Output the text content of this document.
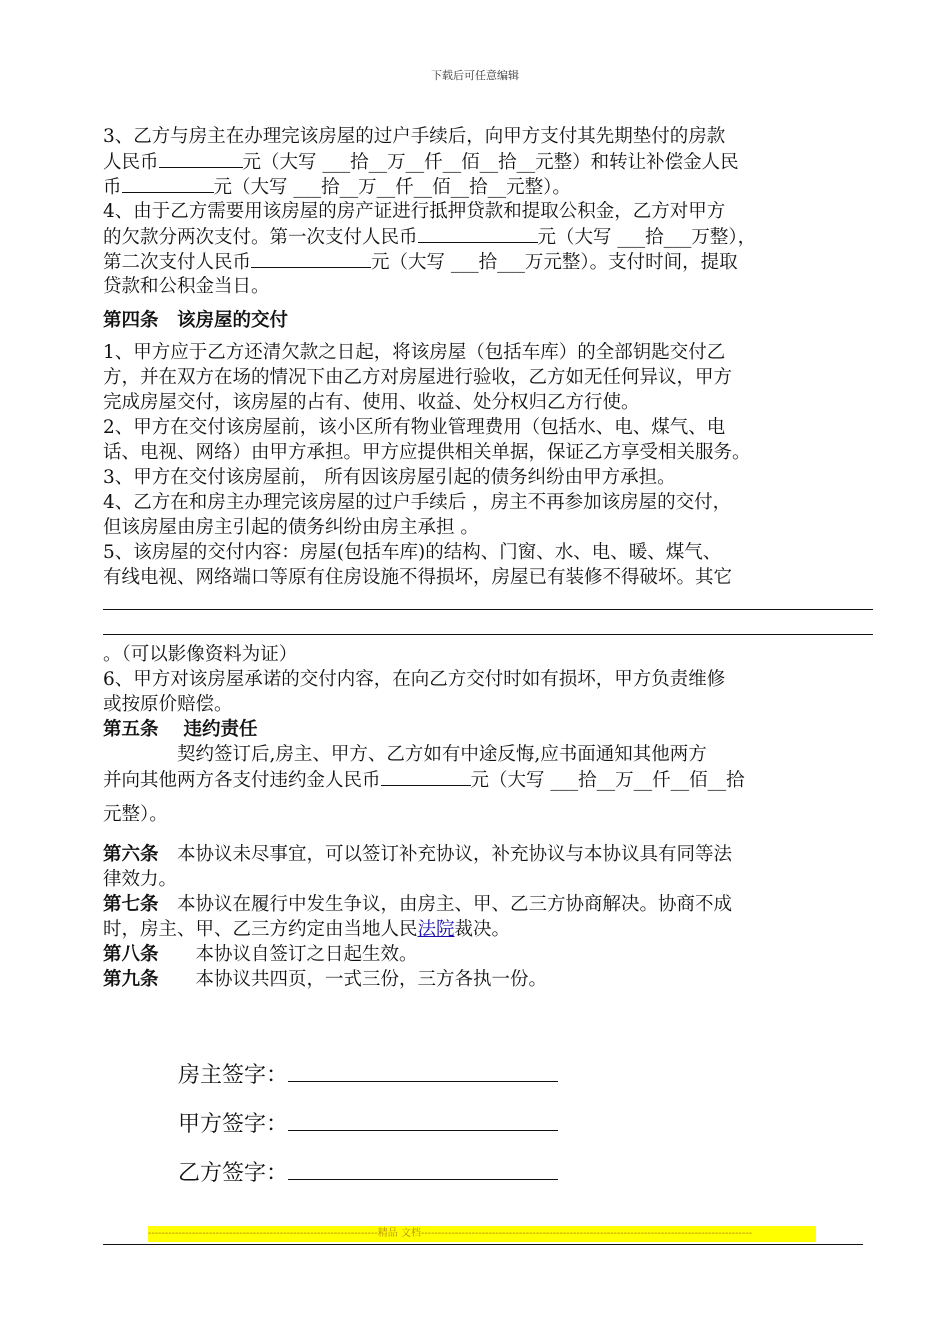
下载后可任意编辑
3、乙方与房主在办理完该房屋的过户手续后，向甲方支付其先期垫付的房款
人民币	元（大写 ___拾__万__仟__佰__拾__元整）和转让补偿金人民
币	元（大写 ___拾__万__仟__佰__拾__元整）。
4、由于乙方需要用该房屋的房产证进行抵押贷款和提取公积金，乙方对甲方
的欠款分两次支付。第一次支付人民币	元（大写 ___拾___万整），
第二次支付人民币	元（大写 ___拾___万元整）。支付时间，提取
贷款和公积金当日。
第四条　该房屋的交付
1、甲方应于乙方还清欠款之日起，将该房屋（包括车库）的全部钥匙交付乙
方，并在双方在场的情况下由乙方对房屋进行验收，乙方如无任何异议，甲方
完成房屋交付，该房屋的占有、使用、收益、处分权归乙方行使。
2、甲方在交付该房屋前，该小区所有物业管理费用（包括水、电、煤气、电
话、电视、网络）由甲方承担。甲方应提供相关单据，保证乙方享受相关服务。
3、甲方在交付该房屋前， 所有因该房屋引起的债务纠纷由甲方承担。
4、乙方在和房主办理完该房屋的过户手续后 ，房主不再参加该房屋的交付，
但该房屋由房主引起的债务纠纷由房主承担 。
5、该房屋的交付内容：房屋(包括车库)的结构、门窗、水、电、暖、煤气、
有线电视、网络端口等原有住房设施不得损坏，房屋已有装修不得破坏。其它
。（可以影像资料为证）
6、甲方对该房屋承诺的交付内容，在向乙方交付时如有损坏，甲方负责维修
或按原价赔偿。
第五条　 违约责任
　　　　契约签订后,房主、甲方、乙方如有中途反悔,应书面通知其他两方
并向其他两方各支付违约金人民币	元（大写 ___拾__万__仟__佰__拾
元整）。
第六条　本协议未尽事宜，可以签订补充协议，补充协议与本协议具有同等法
律效力。
第七条　本协议在履行中发生争议，由房主、甲、乙三方协商解决。协商不成
时，房主、甲、乙三方约定由当地人民法院裁决。
第八条　　本协议自签订之日起生效。
第九条　　本协议共四页，一式三份，三方各执一份。
房主签字：
甲方签字：
乙方签字：
--------------------------------------------------------------------精品 文档--------------------------------------------------------------------------------------------------
